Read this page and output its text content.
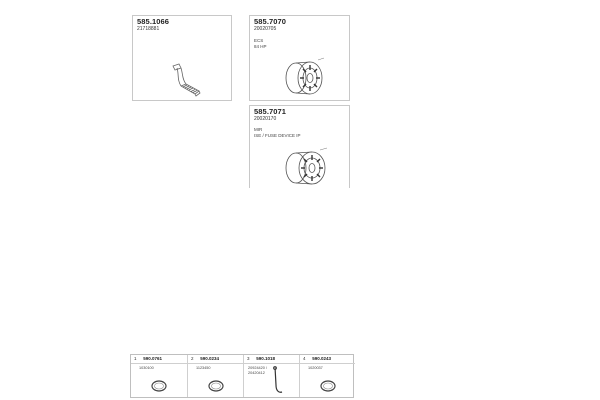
585.1066
21718881
585.7070
20020705
ECS
84 HP
585.7071
20020170
MIR
ISE / FUSE DEVICE IP
1 590.0761
1030100
2 590.0234
1123450
3 590.1018
20924420 / 20420412
4 590.0243
1020037
